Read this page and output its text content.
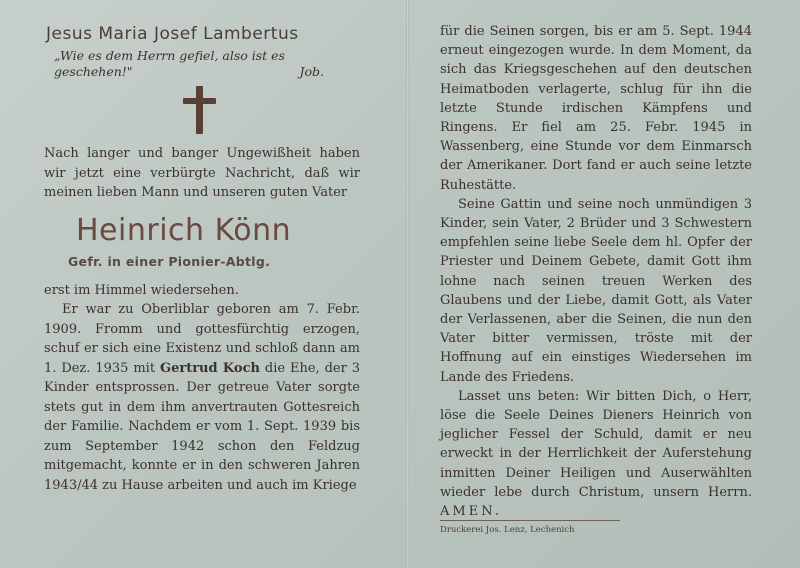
Jesus Maria Josef Lambertus
„Wie es dem Herrn gefiel, also ist es geschehen!"	Job.

Nach langer und banger Ungewißheit haben wir jetzt eine verbürgte Nachricht, daß wir meinen lieben Mann und unseren guten Vater

Heinrich Könn
Gefr. in einer Pionier-Abtlg.

erst im Himmel wiedersehen.

Er war zu Oberliblar geboren am 7. Febr. 1909. Fromm und gottesfürchtig erzogen, schuf er sich eine Existenz und schloß dann am 1. Dez. 1935 mit Gertrud Koch die Ehe, der 3 Kinder entsprossen. Der getreue Vater sorgte stets gut in dem ihm anvertrauten Gottesreich der Familie. Nachdem er vom 1. Sept. 1939 bis zum September 1942 schon den Feldzug mitgemacht, konnte er in den schweren Jahren 1943/44 zu Hause arbeiten und auch im Kriege

für die Seinen sorgen, bis er am 5. Sept. 1944 erneut eingezogen wurde. In dem Moment, da sich das Kriegsgeschehen auf den deutschen Heimatboden verlagerte, schlug für ihn die letzte Stunde irdischen Kämpfens und Ringens. Er fiel am 25. Febr. 1945 in Wassenberg, eine Stunde vor dem Einmarsch der Amerikaner. Dort fand er auch seine letzte Ruhestätte.

Seine Gattin und seine noch unmündigen 3 Kinder, sein Vater, 2 Brüder und 3 Schwestern empfehlen seine liebe Seele dem hl. Opfer der Priester und Deinem Gebete, damit Gott ihm lohne nach seinen treuen Werken des Glaubens und der Liebe, damit Gott, als Vater der Verlassenen, aber die Seinen, die nun den Vater bitter vermissen, tröste mit der Hoffnung auf ein einstiges Wiedersehen im Lande des Friedens.

Lasset uns beten: Wir bitten Dich, o Herr, löse die Seele Deines Dieners Heinrich von jeglicher Fessel der Schuld, damit er neu erweckt in der Herrlichkeit der Auferstehung inmitten Deiner Heiligen und Auserwählten wieder lebe durch Christum, unsern Herrn. AMEN.

Druckerei Jos. Lenz, Lechenich
